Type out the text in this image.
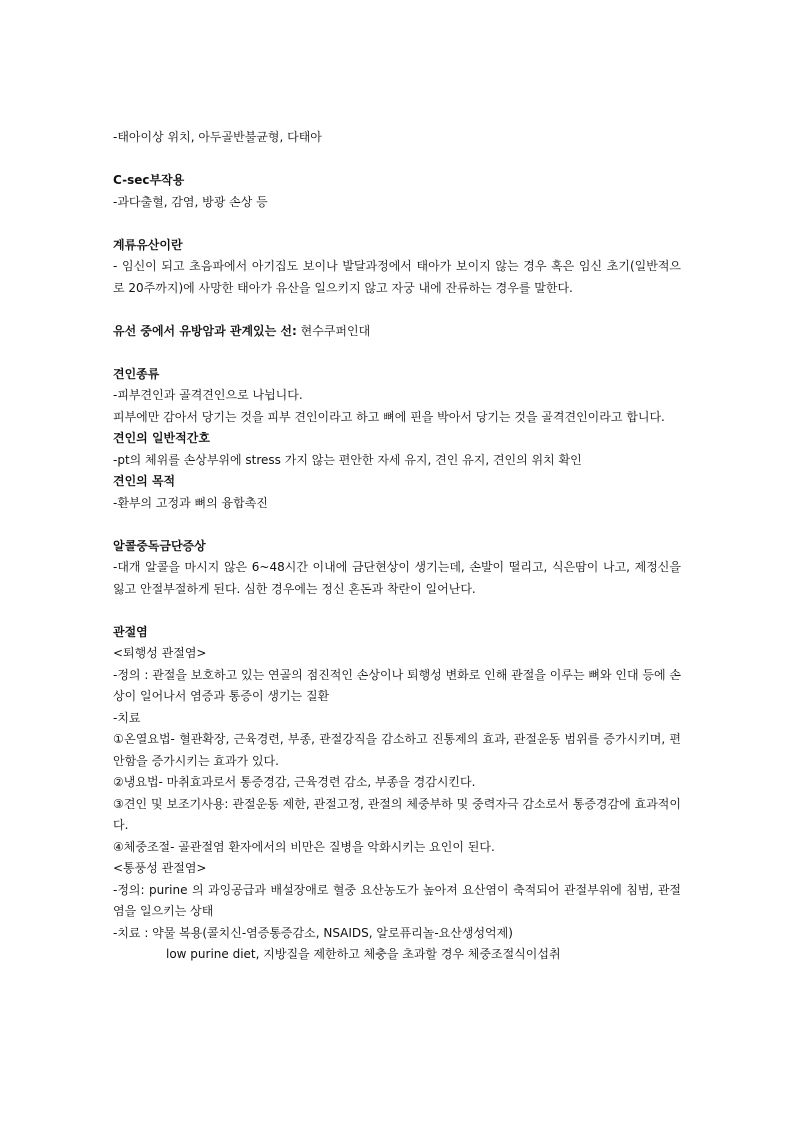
-태아이상 위치, 아두골반불균형, 다태아

C-sec부작용

-과다출혈, 감염, 방광 손상 등

계류유산이란

- 임신이 되고 초음파에서 아기집도 보이나 발달과정에서 태아가 보이지 않는 경우 혹은 임신 초기(일반적으로 20주까지)에 사망한 태아가 유산을 일으키지 않고 자궁 내에 잔류하는 경우를 말한다.

유선 중에서 유방암과 관계있는 선: 현수쿠퍼인대

견인종류

-피부견인과 골격견인으로 나뉩니다.

피부에만 감아서 당기는 것을 피부 견인이라고 하고 뼈에 핀을 박아서 당기는 것을 골격견인이라고 합니다.

견인의 일반적간호

-pt의 체위를 손상부위에 stress 가지 않는 편안한 자세 유지, 견인 유지, 견인의 위치 확인

견인의 목적

-환부의 고정과 뼈의 융합촉진

알콜중독금단증상

-대개 알콜을 마시지 않은 6~48시간 이내에 금단현상이 생기는데, 손발이 떨리고, 식은땀이 나고, 제정신을 잃고 안절부절하게 된다. 심한 경우에는 정신 혼돈과 착란이 일어난다.

관절염

<퇴행성 관절염>

-정의 : 관절을 보호하고 있는 연골의 점진적인 손상이나 퇴행성 변화로 인해 관절을 이루는 뼈와 인대 등에 손상이 일어나서 염증과 통증이 생기는 질환

-치료

①온열요법- 혈관확장, 근육경련, 부종, 관절강직을 감소하고 진통제의 효과, 관절운동 범위를 증가시키며, 편안함을 증가시키는 효과가 있다.

②냉요법- 마취효과로서 통증경감, 근육경련 감소, 부종을 경감시킨다.

③견인 및 보조기사용: 관절운동 제한, 관절고정, 관절의 체중부하 및 중력자극 감소로서 통증경감에 효과적이다.

④체중조절- 골관절염 환자에서의 비만은 질병을 악화시키는 요인이 된다.

<통풍성 관절염>

-정의: purine 의 과잉공급과 배설장애로 혈중 요산농도가 높아져 요산염이 축적되어 관절부위에 침범, 관절염을 일으키는 상태

-치료 : 약물 복용(콜치신-염증통증감소, NSAIDS, 알로퓨리놀-요산생성억제)

low purine diet, 지방질을 제한하고 체충을 초과할 경우 체중조절식이섭취
